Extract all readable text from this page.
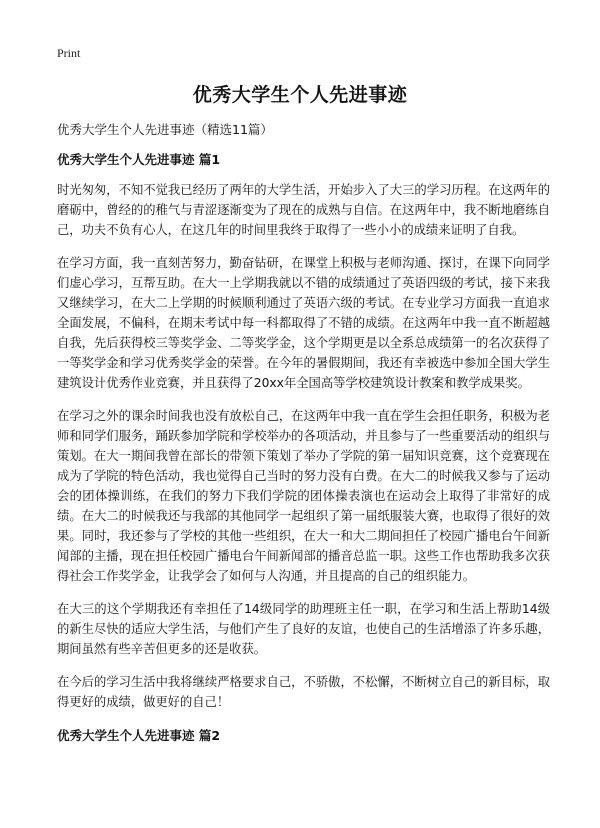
Print
优秀大学生个人先进事迹

优秀大学生个人先进事迹（精选11篇）

优秀大学生个人先进事迹 篇1

时光匆匆，不知不觉我已经历了两年的大学生活，开始步入了大三的学习历程。在这两年的磨砺中，曾经的的稚气与青涩逐渐变为了现在的成熟与自信。在这两年中，我不断地磨练自己，功夫不负有心人，在这几年的时间里我终于取得了一些小小的成绩来证明了自我。

在学习方面，我一直刻苦努力，勤奋钻研，在课堂上积极与老师沟通、探讨，在课下向同学们虚心学习，互帮互助。在大一上学期我就以不错的成绩通过了英语四级的考试，接下来我又继续学习，在大二上学期的时候顺利通过了英语六级的考试。在专业学习方面我一直追求全面发展，不偏科，在期末考试中每一科都取得了不错的成绩。在这两年中我一直不断超越自我，先后获得校三等奖学金、二等奖学金，这个学期更是以全系总成绩第一的名次获得了一等奖学金和学习优秀奖学金的荣誉。在今年的暑假期间，我还有幸被选中参加全国大学生建筑设计优秀作业竞赛，并且获得了20xx年全国高等学校建筑设计教案和教学成果奖。

在学习之外的课余时间我也没有放松自己，在这两年中我一直在学生会担任职务，积极为老师和同学们服务，踊跃参加学院和学校举办的各项活动，并且参与了一些重要活动的组织与策划。在大一期间我曾在部长的带领下策划了举办了学院的第一届知识竞赛，这个竞赛现在成为了学院的特色活动，我也觉得自己当时的努力没有白费。在大二的时候我又参与了运动会的团体操训练，在我们的努力下我们学院的团体操表演也在运动会上取得了非常好的成绩。在大二的时候我还与我部的其他同学一起组织了第一届纸服装大赛，也取得了很好的效果。同时，我还参与了学校的其他一些组织，在大一和大二期间担任了校园广播电台午间新闻部的主播，现在担任校园广播电台午间新闻部的播音总监一职。这些工作也帮助我多次获得社会工作奖学金，让我学会了如何与人沟通，并且提高的自己的组织能力。

在大三的这个学期我还有幸担任了14级同学的助理班主任一职，在学习和生活上帮助14级的新生尽快的适应大学生活，与他们产生了良好的友谊，也使自己的生活增添了许多乐趣，期间虽然有些辛苦但更多的还是收获。

在今后的学习生活中我将继续严格要求自己，不骄傲，不松懈，不断树立自己的新目标，取得更好的成绩，做更好的自己！

优秀大学生个人先进事迹 篇2
